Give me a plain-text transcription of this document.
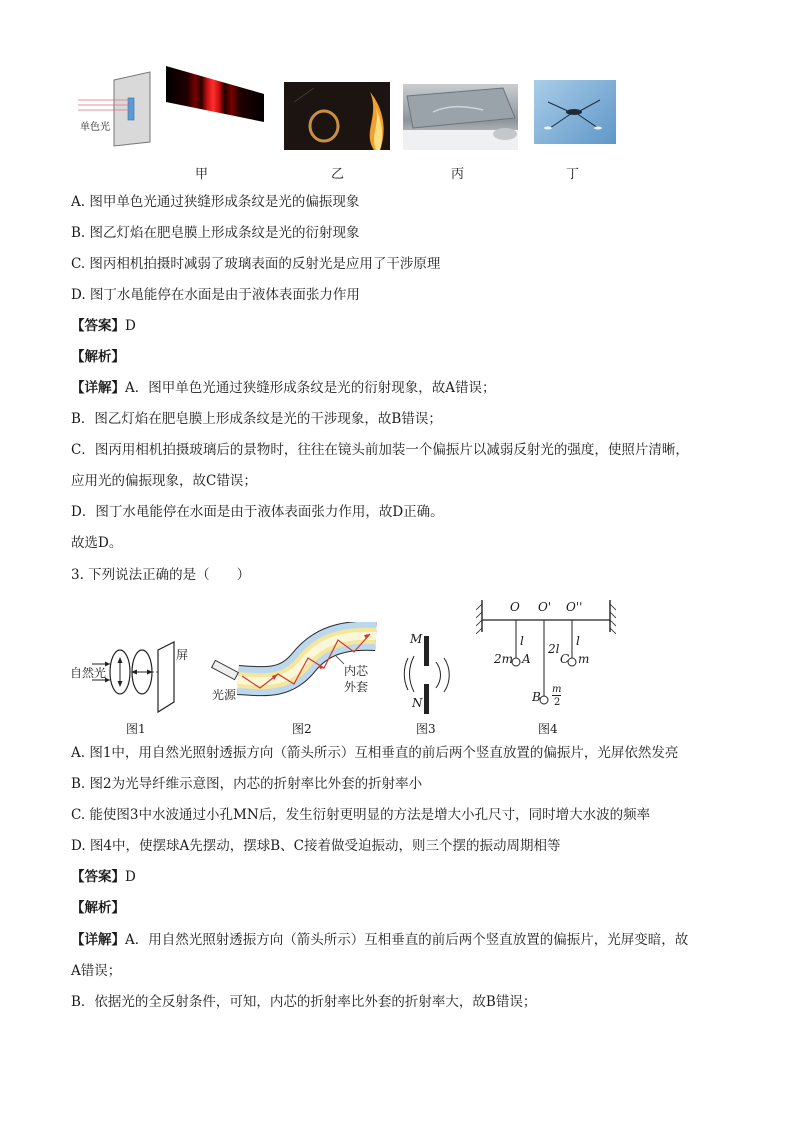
单色光
甲	乙	丙	丁
A. 图甲单色光通过狭缝形成条纹是光的偏振现象
B. 图乙灯焰在肥皂膜上形成条纹是光的衍射现象
C. 图丙相机拍摄时减弱了玻璃表面的反射光是应用了干涉原理
D. 图丁水黾能停在水面是由于液体表面张力作用
【答案】D
【解析】
【详解】A．图甲单色光通过狭缝形成条纹是光的衍射现象，故A错误；
B．图乙灯焰在肥皂膜上形成条纹是光的干涉现象，故B错误；
C．图丙用相机拍摄玻璃后的景物时，往往在镜头前加装一个偏振片以减弱反射光的强度，使照片清晰，
应用光的偏振现象，故C错误；
D．图丁水黾能停在水面是由于液体表面张力作用，故D正确。
故选D。
3. 下列说法正确的是（　　）
自然光
屏
图1
光源
内芯
外套
图2
M
N
图3
O O' O''
l
2l
l
2m A C m
B
m
2
图4
A. 图1中，用自然光照射透振方向（箭头所示）互相垂直的前后两个竖直放置的偏振片，光屏依然发亮
B. 图2为光导纤维示意图，内芯的折射率比外套的折射率小
C. 能使图3中水波通过小孔MN后，发生衍射更明显的方法是增大小孔尺寸，同时增大水波的频率
D. 图4中，使摆球A先摆动，摆球B、C接着做受迫振动，则三个摆的振动周期相等
【答案】D
【解析】
【详解】A．用自然光照射透振方向（箭头所示）互相垂直的前后两个竖直放置的偏振片，光屏变暗，故
A错误；
B．依据光的全反射条件，可知，内芯的折射率比外套的折射率大，故B错误；
